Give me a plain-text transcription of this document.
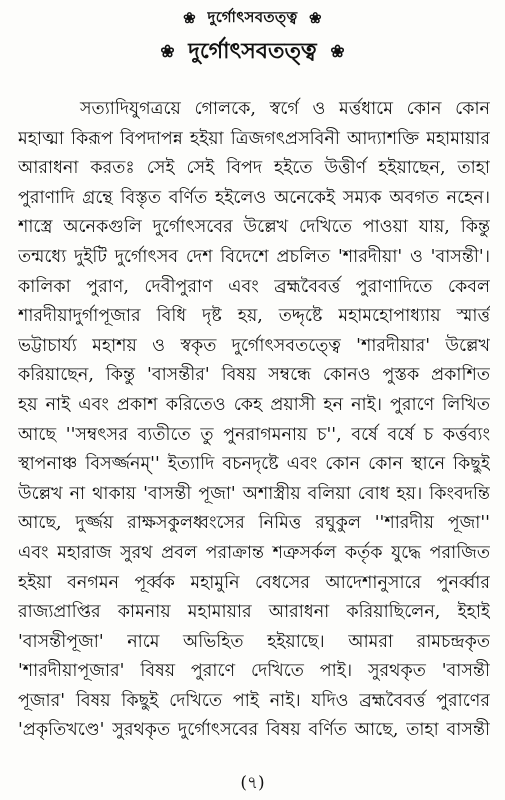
❀ দুর্গোৎসবতত্ত্ব ❀
❀ দুর্গোৎসবতত্ত্ব ❀
সত্যাদিযুগত্রয়ে গোলকে, স্বর্গে ও মর্ত্তধামে কোন কোন
মহাত্মা কিরূপ বিপদাপন্ন হইয়া ত্রিজগৎপ্রসবিনী আদ্যাশক্তি মহামায়ার
আরাধনা করতঃ সেই সেই বিপদ হইতে উত্তীর্ণ হইয়াছেন, তাহা
পুরাণাদি গ্রন্থে বিস্তৃত বর্ণিত হইলেও অনেকেই সম্যক অবগত নহেন।
শাস্ত্রে অনেকগুলি দুর্গোৎসবের উল্লেখ দেখিতে পাওয়া যায়, কিন্তু
তন্মধ্যে দুইটি দুর্গোৎসব দেশ বিদেশে প্রচলিত 'শারদীয়া' ও 'বাসন্তী'।
কালিকা পুরাণ, দেবীপুরাণ এবং ব্রহ্মবৈবর্ত্ত পুরাণাদিতে কেবল
শারদীয়াদুর্গাপূজার বিধি দৃষ্ট হয়, তদ্দৃষ্টে মহামহোপাধ্যায় স্মার্ত্ত
ভট্টাচার্য্য মহাশয় ও স্বকৃত দুর্গোৎসবতত্ত্বে 'শারদীয়ার' উল্লেখ
করিয়াছেন, কিন্তু 'বাসন্তীর' বিষয় সম্বন্ধে কোনও পুস্তক প্রকাশিত
হয় নাই এবং প্রকাশ করিতেও কেহ প্রয়াসী হন নাই। পুরাণে লিখিত
আছে ''সম্বৎসর ব্যতীতে তু পুনরাগমনায় চ'', বর্ষে বর্ষে চ কর্ত্তব্যং
স্থাপনাঞ্চ বিসর্জ্জনম্'' ইত্যাদি বচনদৃষ্টে এবং কোন কোন স্থানে কিছুই
উল্লেখ না থাকায় 'বাসন্তী পূজা' অশাস্ত্রীয় বলিয়া বোধ হয়। কিংবদন্তি
আছে, দুর্জ্জয় রাক্ষসকুলধ্বংসের নিমিত্ত রঘুকুল ''শারদীয় পূজা''
এবং মহারাজ সুরথ প্রবল পরাক্রান্ত শত্রুসর্কল কর্তৃক যুদ্ধে পরাজিত
হইয়া বনগমন পূর্ব্বক মহামুনি বেধসের আদেশানুসারে পুনর্ব্বার
রাজ্যপ্রাপ্তির কামনায় মহামায়ার আরাধনা করিয়াছিলেন, ইহাই
'বাসন্তীপূজা' নামে অভিহিত হইয়াছে। আমরা রামচন্দ্রকৃত
'শারদীয়াপূজার' বিষয় পুরাণে দেখিতে পাই। সুরথকৃত 'বাসন্তী
পূজার' বিষয় কিছুই দেখিতে পাই নাই। যদিও ব্রহ্মবৈবর্ত্ত পুরাণের
'প্রকৃতিখণ্ডে' সুরথকৃত দুর্গোৎসবের বিষয় বর্ণিত আছে, তাহা বাসন্তী
(৭)
